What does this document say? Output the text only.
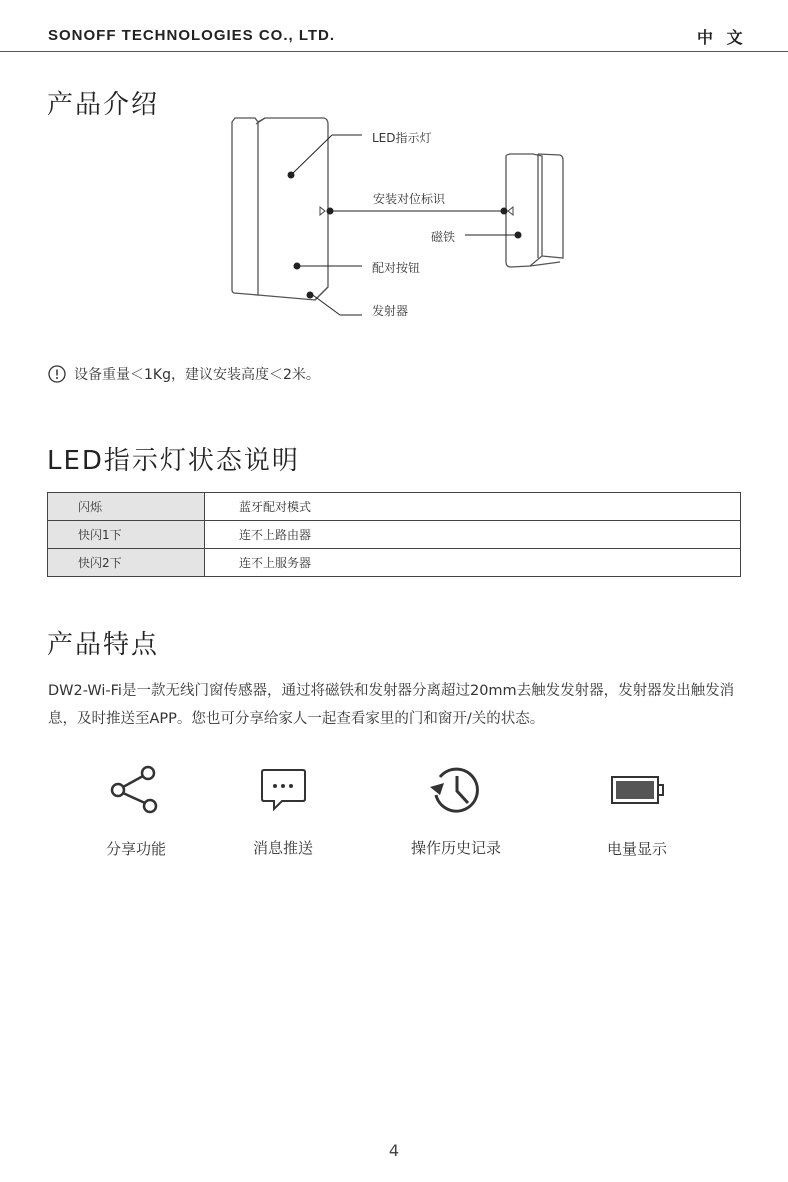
SONOFF TECHNOLOGIES CO., LTD.	中 文
产品介绍
LED指示灯
安装对位标识
磁铁
配对按钮
发射器
设备重量＜1Kg，建议安装高度＜2米。
LED指示灯状态说明
闪烁	蓝牙配对模式
快闪1下	连不上路由器
快闪2下	连不上服务器
产品特点
DW2-Wi-Fi是一款无线门窗传感器，通过将磁铁和发射器分离超过20mm去触发发射器，发射器发出触发消息，及时推送至APP。您也可分享给家人一起查看家里的门和窗开/关的状态。
分享功能	消息推送	操作历史记录	电量显示
4
